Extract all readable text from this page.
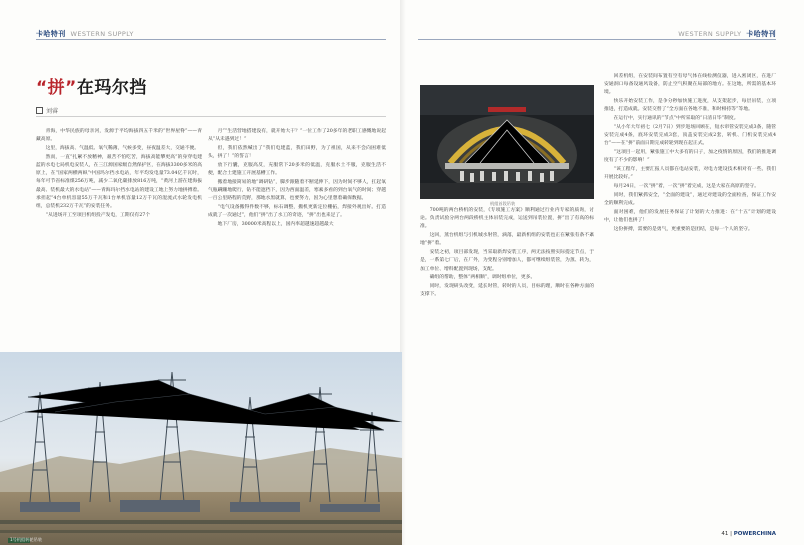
卡哈特刊 WESTERN SUPPLY	WESTERN SUPPLY 卡哈特刊
“拼”在玛尔挡
刘睿

青海，中华民族的母亲河，发源于平均海拔四五千米的“世界屋脊”——青藏高原。

这里，海拔高、气温低、氧气稀薄，气候多变，昼夜温差大，交通不便。

然而，一直“扎紧不放精神，艰苦不怕吃苦，海拔高能攀更高”的身穿电建蓝的水电七局机电安装人，在三江源国家级自然保护区，在海拔3300多米的高原上，在“国家两横两纵”中国玛尔挡水电站，年平均发电量73.04亿千瓦时，每年可节省标准煤256万吨，减少二氧化碳排放816万吨，“黄河上游在建海拔最高、装机最大的水电站”——青海玛尔挡水电站的建设工地上努力地拼搏着。承担起“4台单机容量55万千瓦和1台单机容量12万千瓦的混流式水轮发电机组，总装机232万千瓦”的安装任务。

“从进场开工至项目机组投产发电，工期仅有27个

月”“生活营地搭建没有，就开始大干？”一位工作了20多年的老职工感慨地说起从“从未遇到过！”

但，我们依然喊出了“我们电建蓝，我们田野，为了祖国，从来不会向困难低头，拼了！”的誓言！

放下行囊，克服高反，充服常下20多米的低温，克服水土不服，克服生活不便，配合土建施工开展基槽工作。

搬着地接简易的地“调研钻”，脚步跟随着不断延伸下，因为时间不够人，扛起氧气瓶蹒跚地爬行，钻不能遮挡下，因为西面温差，寒素多看的到台氧气的时间；穿越一百公里路程的荒野，那地水黑就算，也要努力，因为心里想着确保数据。

“电气设备搬得件数不够，标石调整，搬机更新定位棚拓，焊接外观出好。打造成就了一次通过”，他们“拼”出了水工的奇迹，“拼”出也来足了。

地下厂房，30000米高程以上，国内率超越速超越最大

1号机组转轮吊装
机组首段吊装

700吨的两台桥机的安装，《专项施工方案》顺利通过行业内专家的质询，讨论。负责试验分两台两段桥机主体吊装完成，运送到吊装位置，拼”出了有高的标准。

这回，蒸台机组与引机城水射管，滴落，最新机组的安装也正在紧张有条不紊地“拼”着。

安装之初，项目部发现，当采取新焊安装工序，两无法按照实际提定节点，于是，一系第七厂后，在厂外，为变程分别增加人，都可继续组装管，为蒸、转为，加工单位、增料配置到现场，支配。

确组的帮助，整体“两相顺”，调时组单位，更多。

同时，发现研头改变，延长时管，转时的人员，目标的理，顺时在各种方面的支撑下。

回差机组，在安装间布置有空有母气体在线检测仪器，进入密闭区，在进厂安通洞口每备设通风设备，防止空气积聚在局部的地方。在这地，所需的基本环境。

快乐开始安装工作，是争分秒加快施工进度，从支架起步，每层吊装，立项推进，打造成就。安装交替了“全方面在各地不准，和时相持等”等地。

在运行中，实行通讯的“节点”中所采取的“日清日毕”制度。

“从小年大年初七（2月7日）到步进场回顾在，短水帘管安装完成3条，随管安装完成4条，底环安装完成3套，顶盖安装完成2套，转机、门机安装完成4台”——在“拼”前面日期完成转轮到现在起正式。

“这项目一起用，紧张施工中大多有的日子，加之疫情的原因，我们的推进调度有了不少的影响！”

“该工程年，主要汇报人员都在电站安装，对电力建设技术相对有一些。我们开展比较好。”

每月24日，一次“拼”着，一次“拼”着完成，这是大家在高原的坚守。

同时，我们紧抓安全，“全面的建设”，通过对建设的全面检查，保证工作安全的顺利完成。

面对困难，他们的发展任务保证了计划的大力推进：在“十五”计划的建设中，让他们也拼了！

这份拼搏，需要的是勇气，更重要的是团结，是每一个人的坚守。

41 | POWERCHINA
